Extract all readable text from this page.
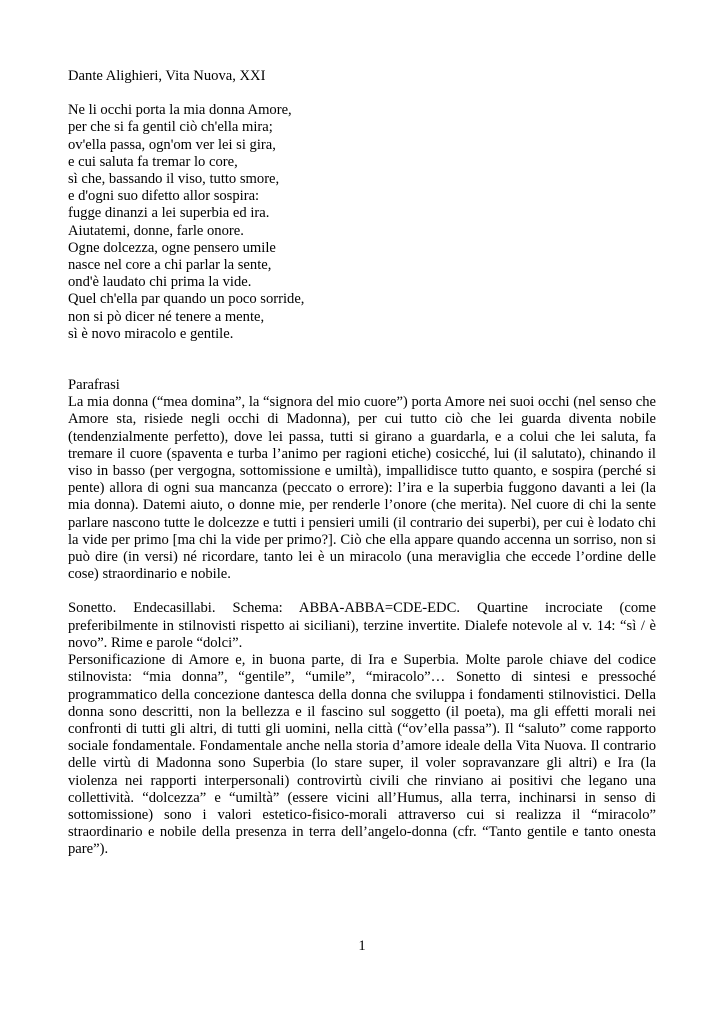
Dante Alighieri, Vita Nuova, XXI

Ne li occhi porta la mia donna Amore,
per che si fa gentil ciò ch'ella mira;
ov'ella passa, ogn'om ver lei si gira,
e cui saluta fa tremar lo core,
sì che, bassando il viso, tutto smore,
e d'ogni suo difetto allor sospira:
fugge dinanzi a lei superbia ed ira.
Aiutatemi, donne, farle onore.
Ogne dolcezza, ogne pensero umile
nasce nel core a chi parlar la sente,
ond'è laudato chi prima la vide.
Quel ch'ella par quando un poco sorride,
non si pò dicer né tenere a mente,
sì è novo miracolo e gentile.
Parafrasi

La mia donna (“mea domina”, la “signora del mio cuore”) porta Amore nei suoi occhi (nel senso che Amore sta, risiede negli occhi di Madonna), per cui tutto ciò che lei guarda diventa nobile (tendenzialmente perfetto), dove lei passa, tutti si girano a guardarla, e a colui che lei saluta, fa tremare il cuore (spaventa e turba l’animo per ragioni etiche) cosicché, lui (il salutato), chinando il viso in basso (per vergogna, sottomissione e umiltà), impallidisce tutto quanto, e sospira (perché si pente) allora di ogni sua mancanza (peccato o errore): l’ira e la superbia fuggono davanti a lei (la mia donna). Datemi aiuto, o donne mie, per renderle l’onore (che merita). Nel cuore di chi la sente parlare nascono tutte le dolcezze e tutti i pensieri umili (il contrario dei superbi), per cui è lodato chi la vide per primo [ma chi la vide per primo?]. Ciò che ella appare quando accenna un sorriso, non si può dire (in versi) né ricordare, tanto lei è un miracolo (una meraviglia che eccede l’ordine delle cose) straordinario e nobile.

Sonetto. Endecasillabi. Schema: ABBA-ABBA=CDE-EDC. Quartine incrociate (come preferibilmente in stilnovisti rispetto ai siciliani), terzine invertite. Dialefe notevole al v. 14: “sì / è novo”. Rime e parole “dolci”.

Personificazione di Amore e, in buona parte, di Ira e Superbia. Molte parole chiave del codice stilnovista: “mia donna”, “gentile”, “umile”, “miracolo”… Sonetto di sintesi e pressoché programmatico della concezione dantesca della donna che sviluppa i fondamenti stilnovistici. Della donna sono descritti, non la bellezza e il fascino sul soggetto (il poeta), ma gli effetti morali nei confronti di tutti gli altri, di tutti gli uomini, nella città (“ov’ella passa”). Il “saluto” come rapporto sociale fondamentale. Fondamentale anche nella storia d’amore ideale della Vita Nuova. Il contrario delle virtù di Madonna sono Superbia (lo stare super, il voler sopravanzare gli altri) e Ira (la violenza nei rapporti interpersonali) controvirtù civili che rinviano ai positivi che legano una collettività. “dolcezza” e “umiltà” (essere vicini all’Humus, alla terra, inchinarsi in senso di sottomissione) sono i valori estetico-fisico-morali attraverso cui si realizza il “miracolo” straordinario e nobile della presenza in terra dell’angelo-donna (cfr. “Tanto gentile e tanto onesta pare”).

1
